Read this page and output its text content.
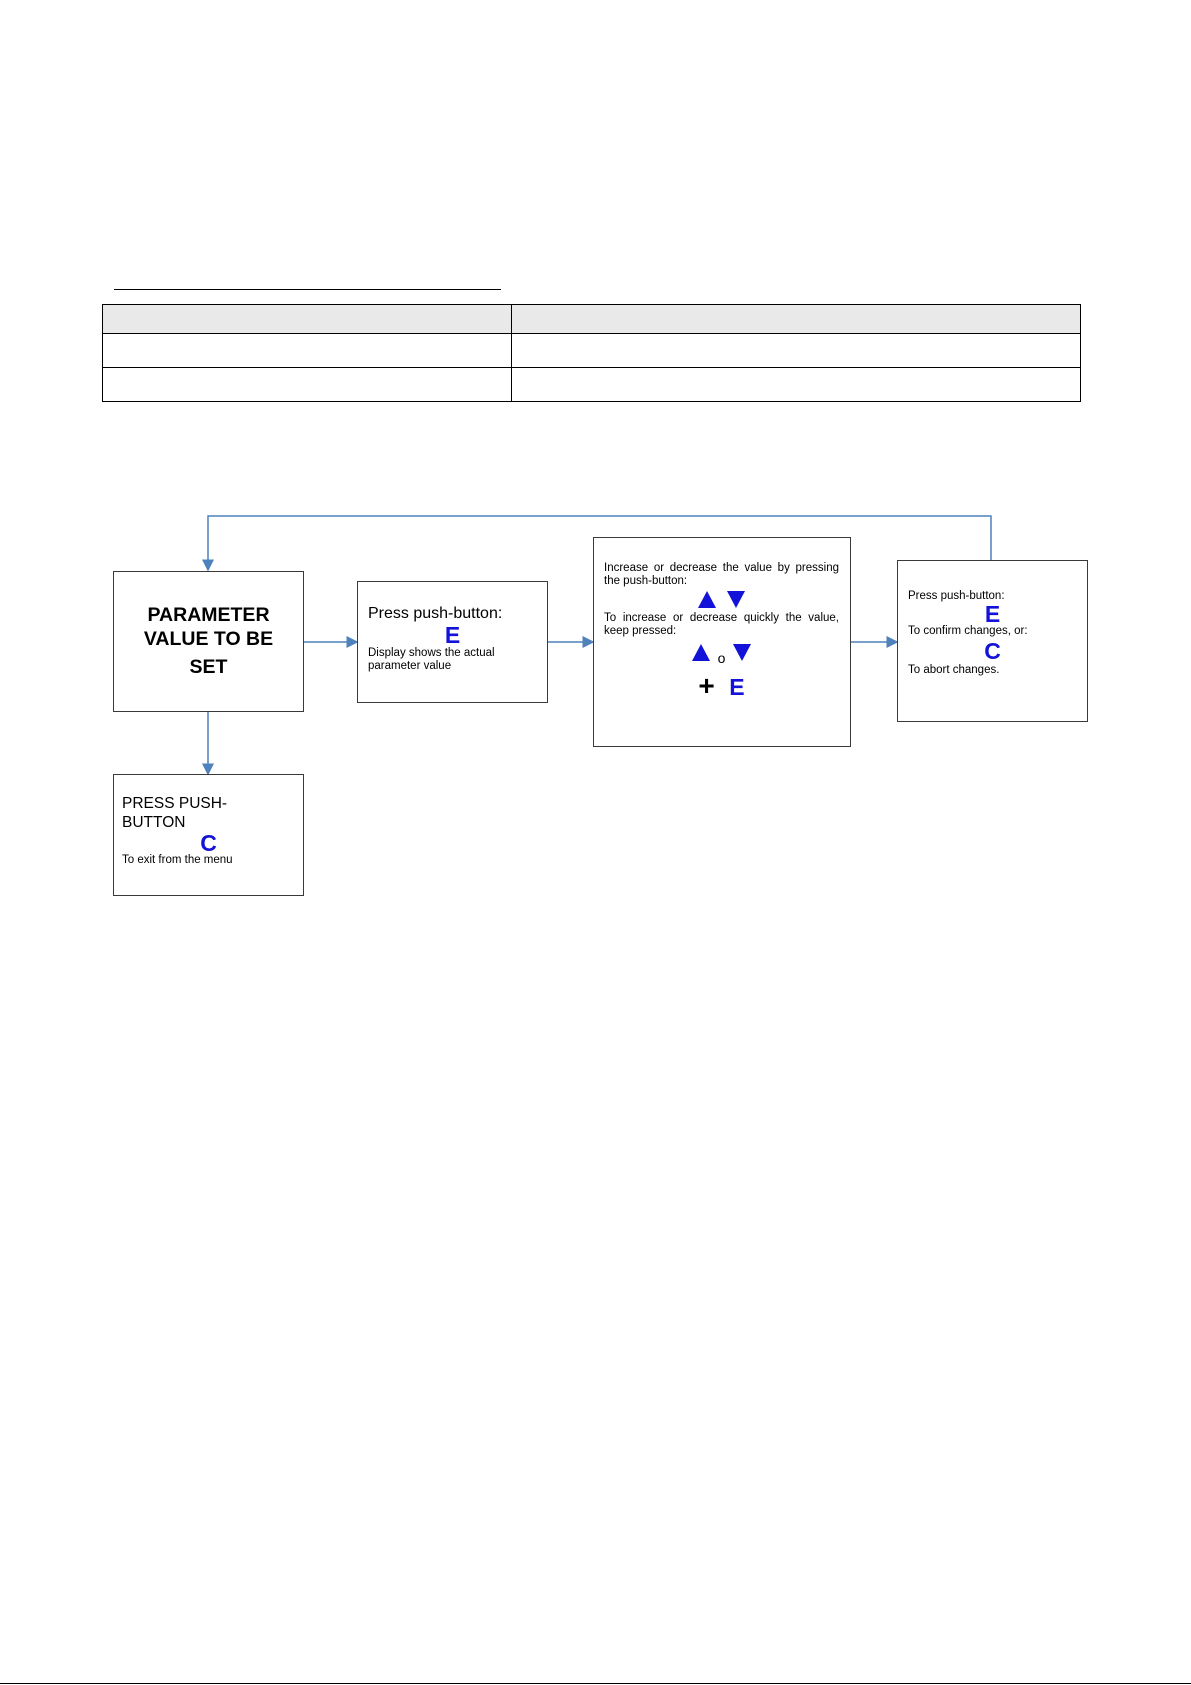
PARAMETER
VALUE TO BE
SET
PRESS PUSH-
BUTTON
C
To exit from the menu
Press push-button:
E
Display shows the actual
parameter value
Increase or decrease the value by pressing
the push-button:

To increase or decrease quickly the value,
keep pressed:
o
+ E
Press push-button:
E
To confirm changes, or:
C
To abort changes.
